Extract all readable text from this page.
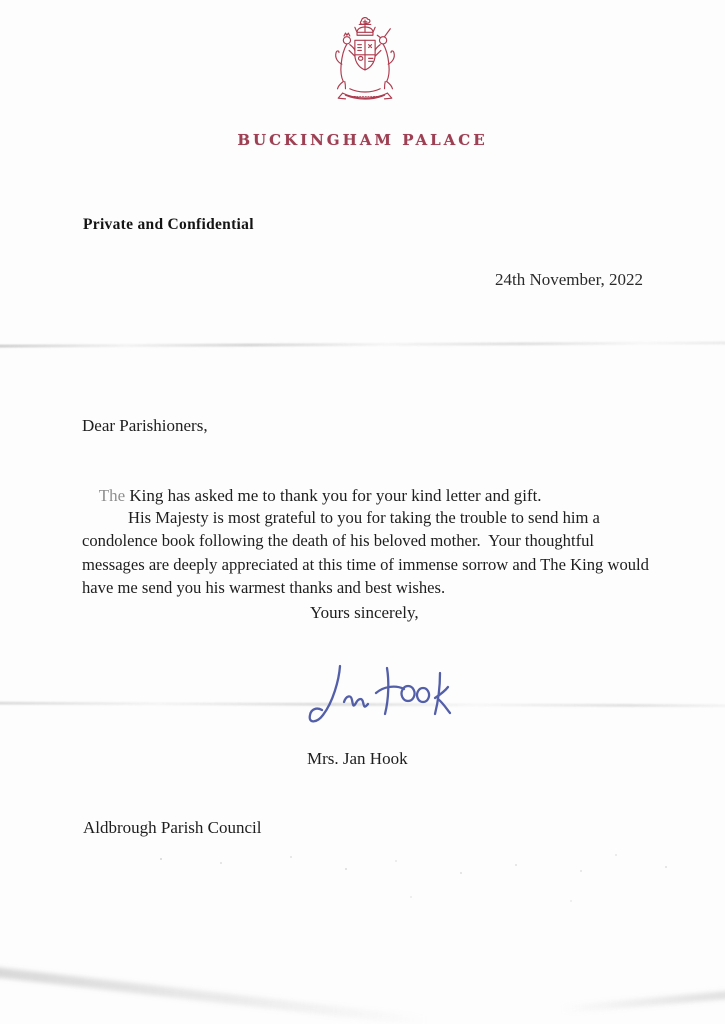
BUCKINGHAM PALACE
Private and Confidential
24th November, 2022
Dear Parishioners,

The King has asked me to thank you for your kind letter and gift.

His Majesty is most grateful to you for taking the trouble to send him a
condolence book following the death of his beloved mother.  Your thoughtful
messages are deeply appreciated at this time of immense sorrow and The King would
have me send you his warmest thanks and best wishes.
Yours sincerely,
Mrs. Jan Hook
Aldbrough Parish Council
